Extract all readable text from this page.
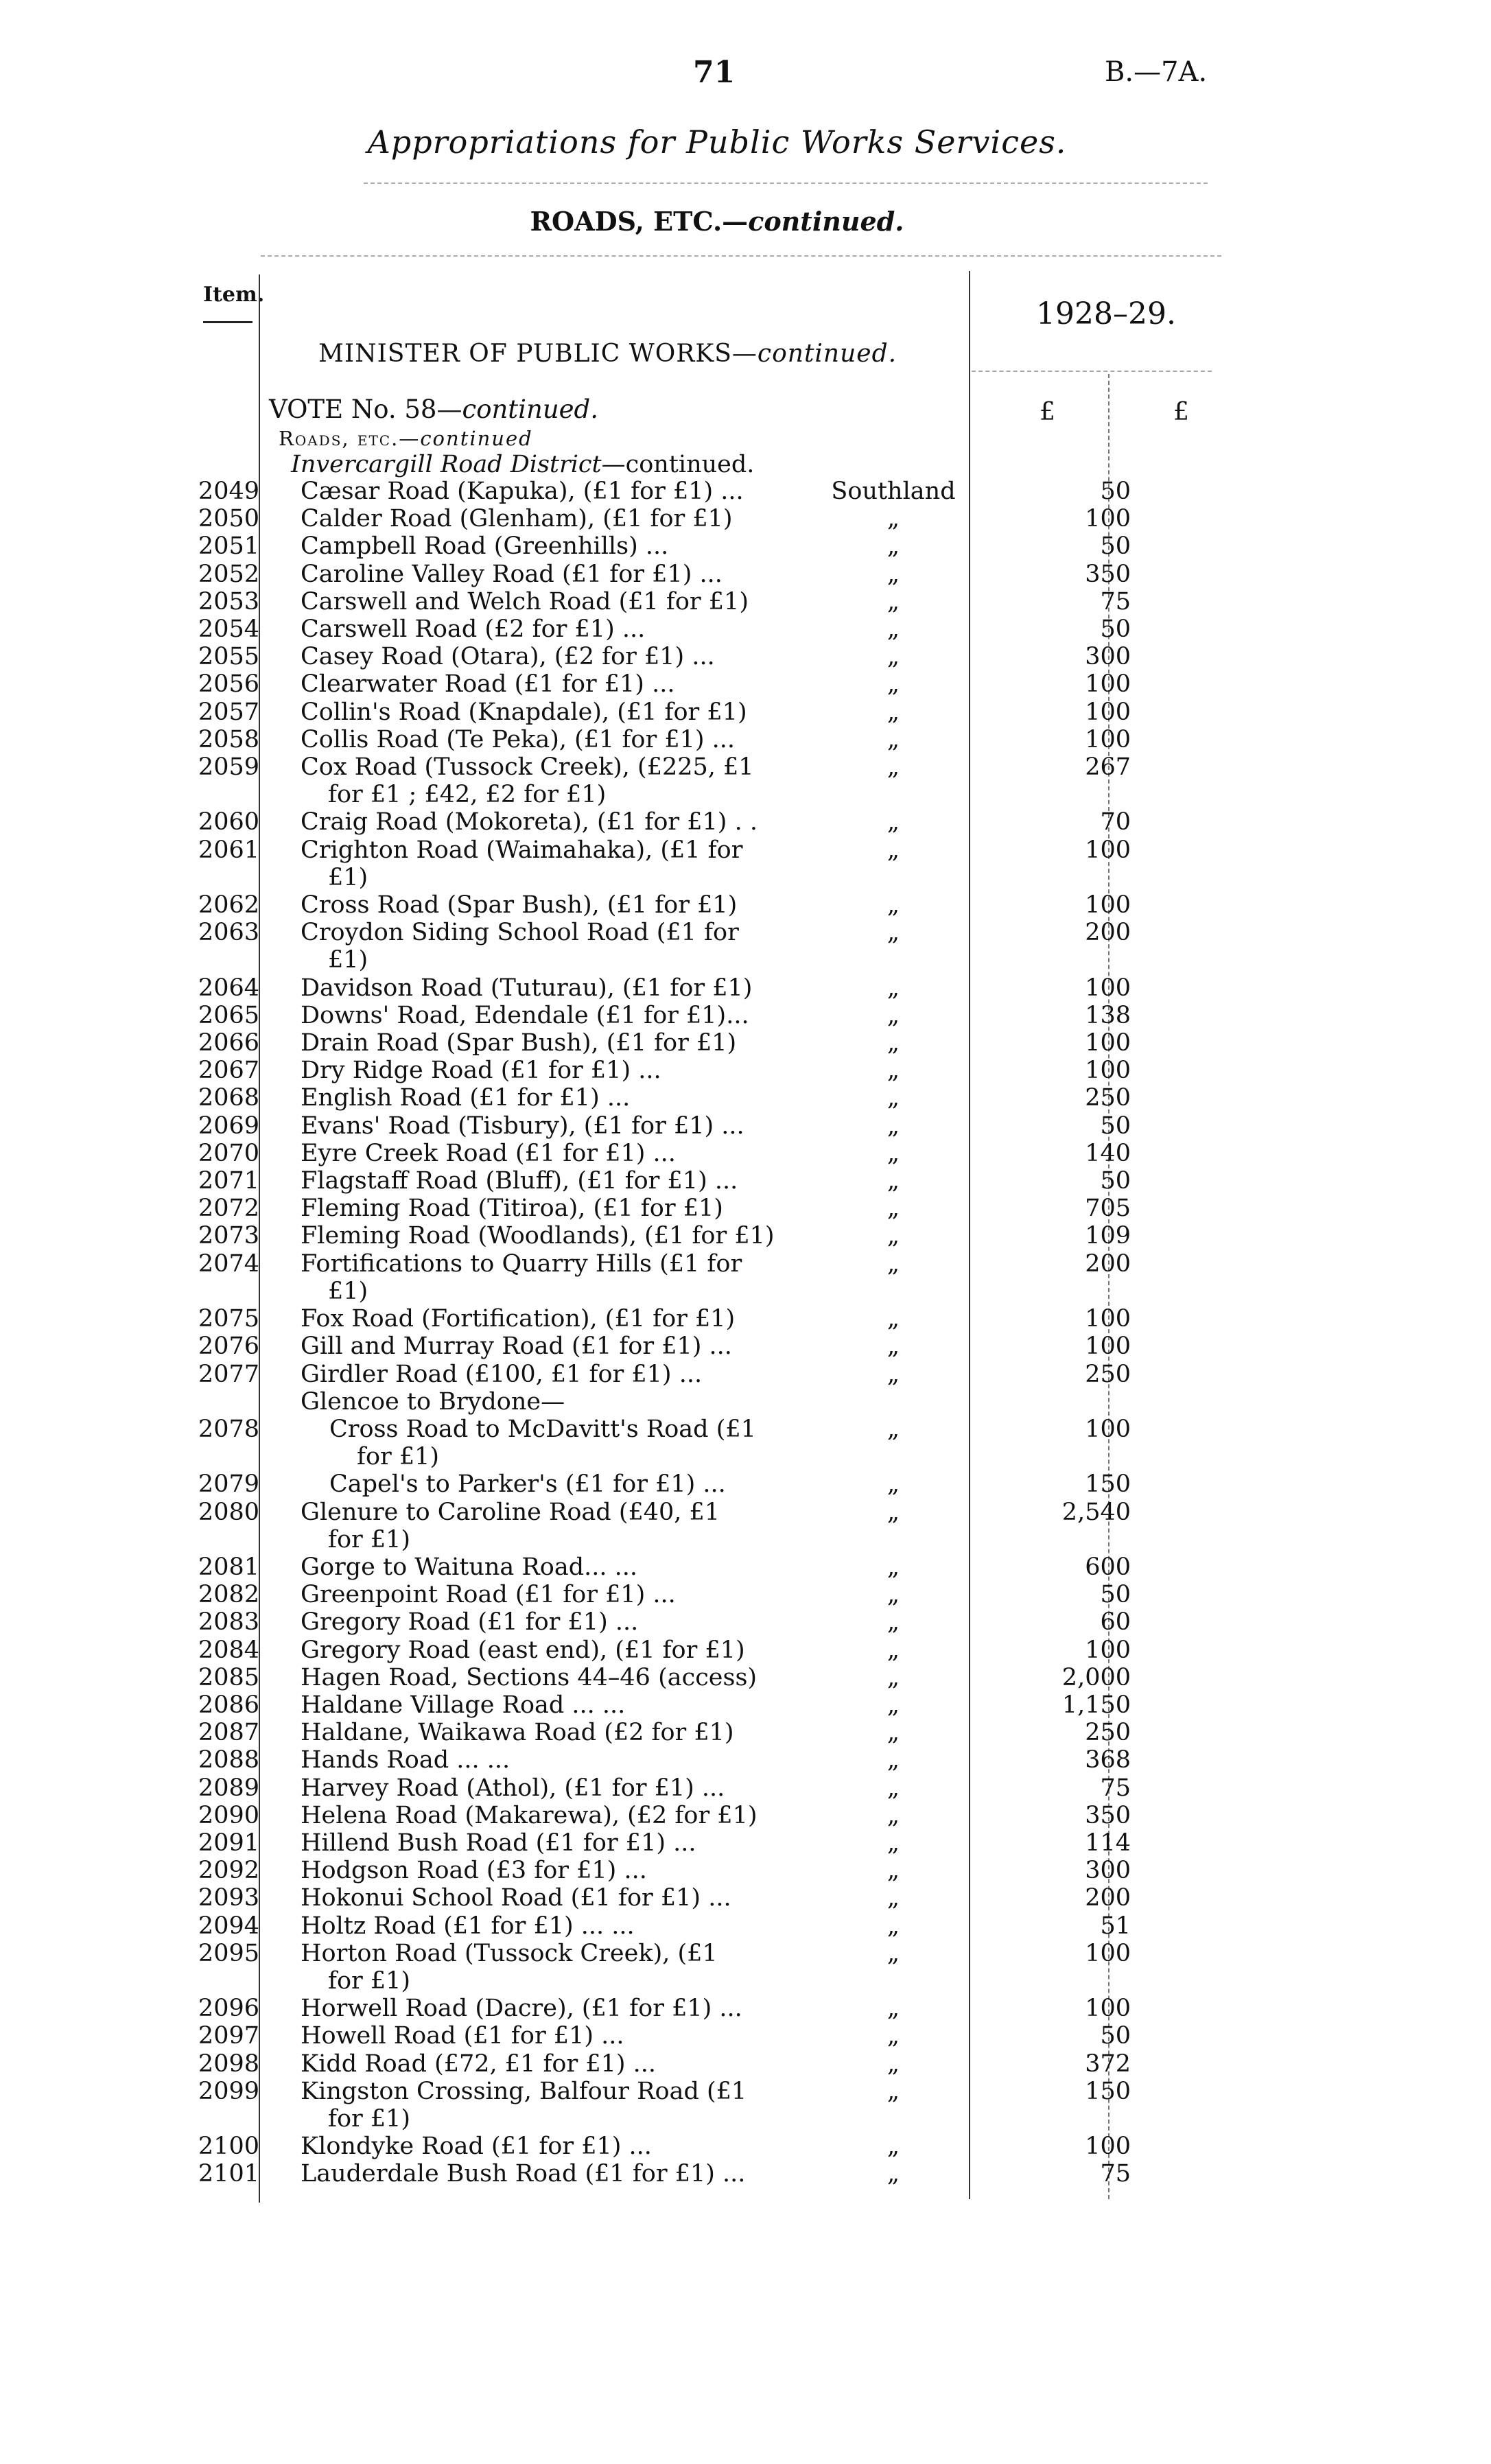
71	B.—7A.
Appropriations for Public Works Services.
ROADS, ETC.—continued.
Item.
1928–29.
MINISTER OF PUBLIC WORKS—continued.
VOTE No. 58—continued.
Roads, etc.—continued
Invercargill Road District—continued.
£	£
2049	Cæsar Road (Kapuka), (£1 for £1) ...	Southland	50
2050	Calder Road (Glenham), (£1 for £1)	„	100
2051	Campbell Road (Greenhills) ...	„	50
2052	Caroline Valley Road (£1 for £1) ...	„	350
2053	Carswell and Welch Road (£1 for £1)	„	75
2054	Carswell Road (£2 for £1) ...	„	50
2055	Casey Road (Otara), (£2 for £1) ...	„	300
2056	Clearwater Road (£1 for £1) ...	„	100
2057	Collin's Road (Knapdale), (£1 for £1)	„	100
2058	Collis Road (Te Peka), (£1 for £1) ...	„	100
2059	Cox Road (Tussock Creek), (£225, £1
for £1 ; £42, £2 for £1)	„	267
2060	Craig Road (Mokoreta), (£1 for £1) . .	„	70
2061	Crighton Road (Waimahaka), (£1 for
£1)	„	100
2062	Cross Road (Spar Bush), (£1 for £1)	„	100
2063	Croydon Siding School Road (£1 for
£1)	„	200
2064	Davidson Road (Tuturau), (£1 for £1)	„	100
2065	Downs' Road, Edendale (£1 for £1)...	„	138
2066	Drain Road (Spar Bush), (£1 for £1)	„	100
2067	Dry Ridge Road (£1 for £1) ...	„	100
2068	English Road (£1 for £1) ...	„	250
2069	Evans' Road (Tisbury), (£1 for £1) ...	„	50
2070	Eyre Creek Road (£1 for £1) ...	„	140
2071	Flagstaff Road (Bluff), (£1 for £1) ...	„	50
2072	Fleming Road (Titiroa), (£1 for £1)	„	705
2073	Fleming Road (Woodlands), (£1 for £1)	„	109
2074	Fortifications to Quarry Hills (£1 for
£1)	„	200
2075	Fox Road (Fortification), (£1 for £1)	„	100
2076	Gill and Murray Road (£1 for £1) ...	„	100
2077	Girdler Road (£100, £1 for £1) ...	„	250
	Glencoe to Brydone—		
2078	Cross Road to McDavitt's Road (£1
for £1)	„	100
2079	Capel's to Parker's (£1 for £1) ...	„	150
2080	Glenure to Caroline Road (£40, £1
for £1)	„	2,540
2081	Gorge to Waituna Road... ...	„	600
2082	Greenpoint Road (£1 for £1) ...	„	50
2083	Gregory Road (£1 for £1) ...	„	60
2084	Gregory Road (east end), (£1 for £1)	„	100
2085	Hagen Road, Sections 44–46 (access)	„	2,000
2086	Haldane Village Road ... ...	„	1,150
2087	Haldane, Waikawa Road (£2 for £1)	„	250
2088	Hands Road ... ...	„	368
2089	Harvey Road (Athol), (£1 for £1) ...	„	75
2090	Helena Road (Makarewa), (£2 for £1)	„	350
2091	Hillend Bush Road (£1 for £1) ...	„	114
2092	Hodgson Road (£3 for £1) ...	„	300
2093	Hokonui School Road (£1 for £1) ...	„	200
2094	Holtz Road (£1 for £1) ... ...	„	51
2095	Horton Road (Tussock Creek), (£1
for £1)	„	100
2096	Horwell Road (Dacre), (£1 for £1) ...	„	100
2097	Howell Road (£1 for £1) ...	„	50
2098	Kidd Road (£72, £1 for £1) ...	„	372
2099	Kingston Crossing, Balfour Road (£1
for £1)	„	150
2100	Klondyke Road (£1 for £1) ...	„	100
2101	Lauderdale Bush Road (£1 for £1) ...	„	75
